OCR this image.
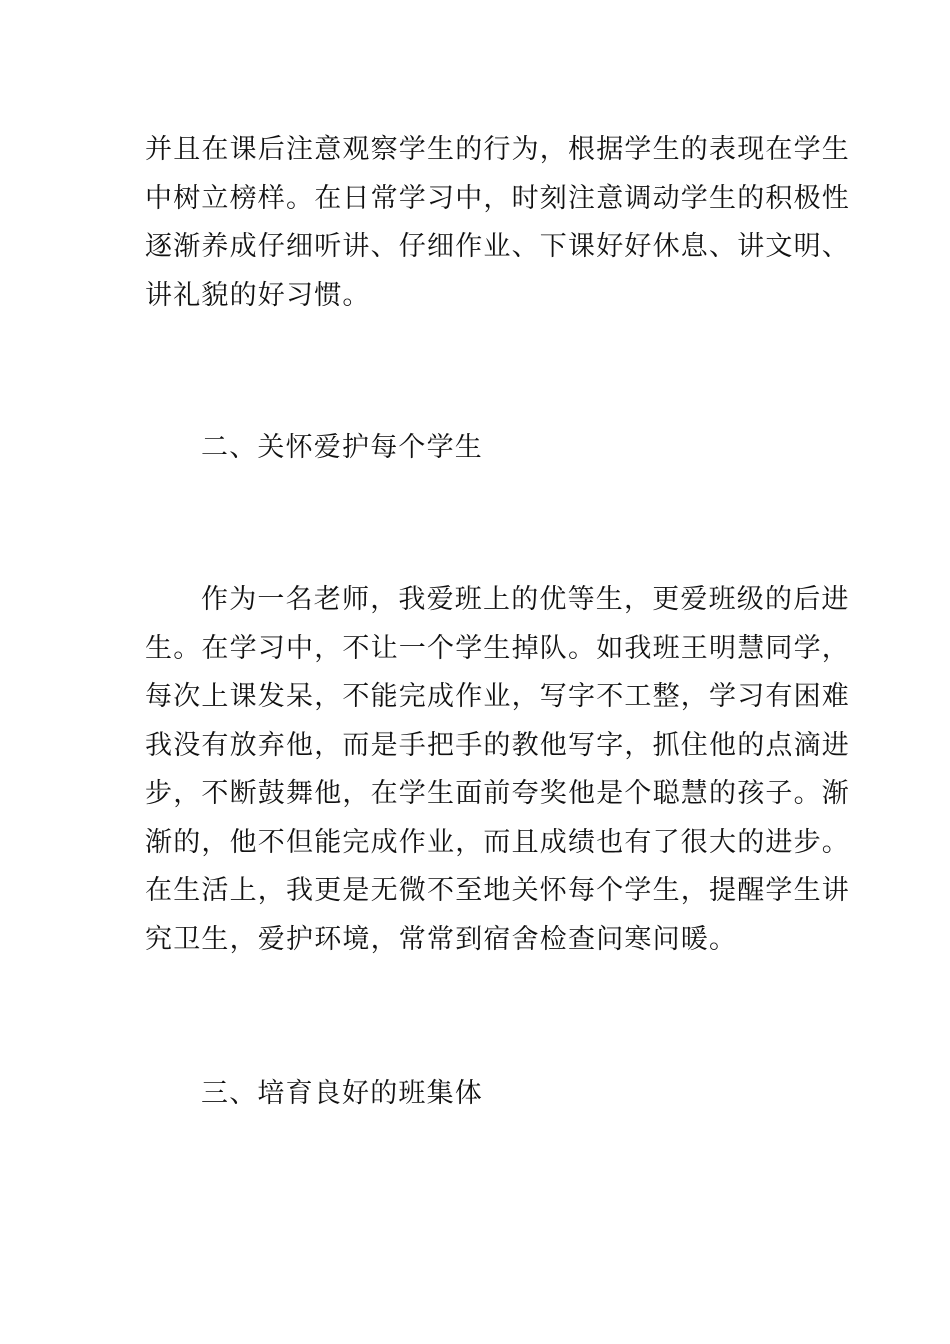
并且在课后注意观察学生的行为，根据学生的表现在学生
中树立榜样。在日常学习中，时刻注意调动学生的积极性
逐渐养成仔细听讲、仔细作业、下课好好休息、讲文明、
讲礼貌的好习惯。
二、关怀爱护每个学生
作为一名老师，我爱班上的优等生，更爱班级的后进
生。在学习中，不让一个学生掉队。如我班王明慧同学，
每次上课发呆，不能完成作业，写字不工整，学习有困难
我没有放弃他，而是手把手的教他写字，抓住他的点滴进
步，不断鼓舞他，在学生面前夸奖他是个聪慧的孩子。渐
渐的，他不但能完成作业，而且成绩也有了很大的进步。
在生活上，我更是无微不至地关怀每个学生，提醒学生讲
究卫生，爱护环境，常常到宿舍检查问寒问暖。
三、培育良好的班集体
